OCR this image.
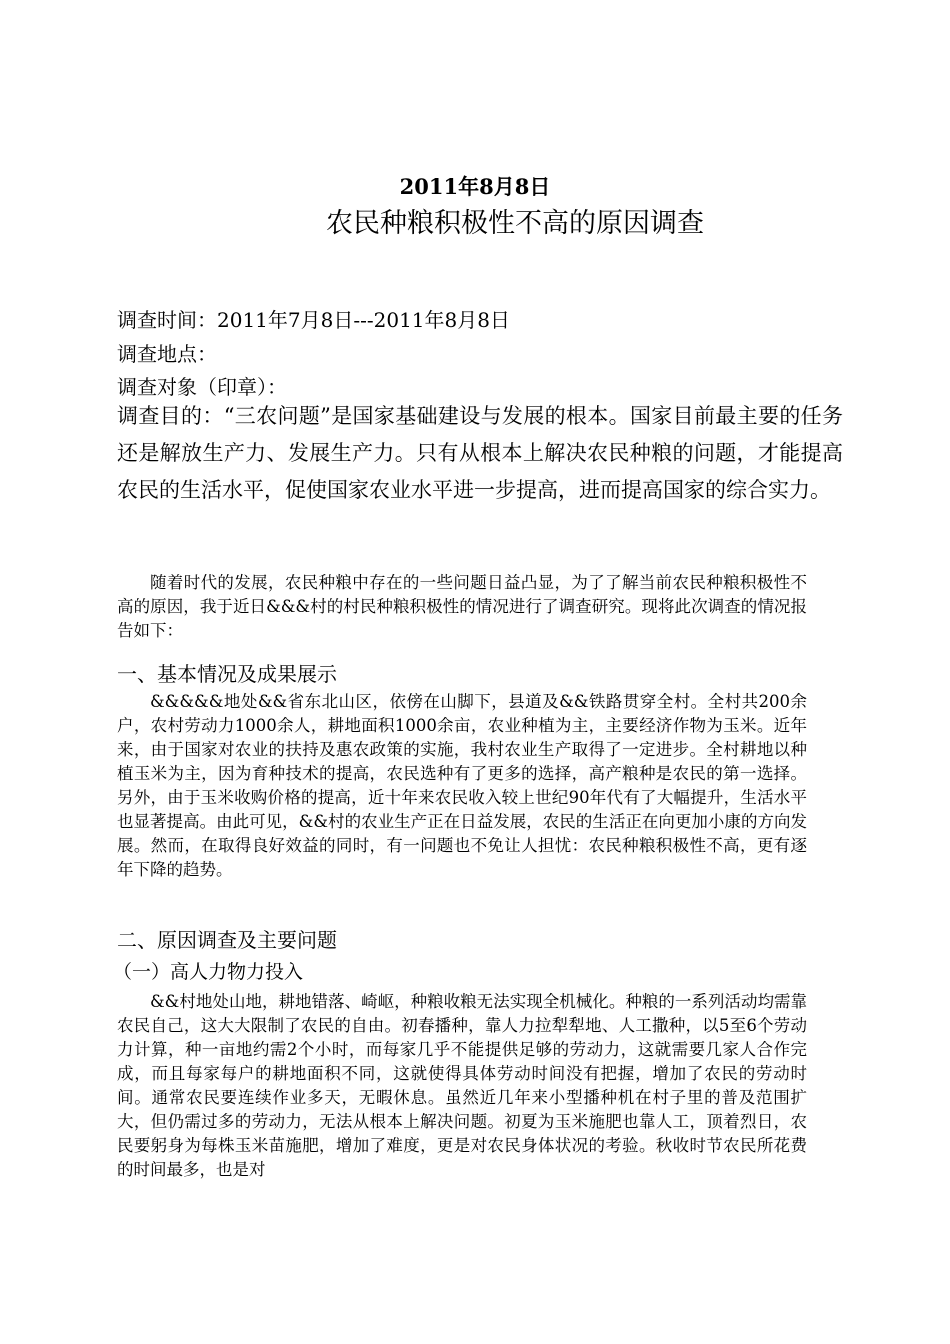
2011年8月8日
农民种粮积极性不高的原因调查

调查时间：2011年7月8日---2011年8月8日

调查地点：

调查对象（印章）：

调查目的：“三农问题”是国家基础建设与发展的根本。国家目前最主要的任务还是解放生产力、发展生产力。只有从根本上解决农民种粮的问题，才能提高农民的生活水平，促使国家农业水平进一步提高，进而提高国家的综合实力。

随着时代的发展，农民种粮中存在的一些问题日益凸显，为了了解当前农民种粮积极性不高的原因，我于近日&&&村的村民种粮积极性的情况进行了调查研究。现将此次调查的情况报告如下：

一、基本情况及成果展示

&&&&&地处&&省东北山区，依傍在山脚下，县道及&&铁路贯穿全村。全村共200余户，农村劳动力1000余人，耕地面积1000余亩，农业种植为主，主要经济作物为玉米。近年来，由于国家对农业的扶持及惠农政策的实施，我村农业生产取得了一定进步。全村耕地以种植玉米为主，因为育种技术的提高，农民选种有了更多的选择，高产粮种是农民的第一选择。另外，由于玉米收购价格的提高，近十年来农民收入较上世纪90年代有了大幅提升，生活水平也显著提高。由此可见，&&村的农业生产正在日益发展，农民的生活正在向更加小康的方向发展。然而，在取得良好效益的同时，有一问题也不免让人担忧：农民种粮积极性不高，更有逐年下降的趋势。

二、原因调查及主要问题

（一）高人力物力投入

&&村地处山地，耕地错落、崎岖，种粮收粮无法实现全机械化。种粮的一系列活动均需靠农民自己，这大大限制了农民的自由。初春播种，靠人力拉犁犁地、人工撒种，以5至6个劳动力计算，种一亩地约需2个小时，而每家几乎不能提供足够的劳动力，这就需要几家人合作完成，而且每家每户的耕地面积不同，这就使得具体劳动时间没有把握，增加了农民的劳动时间。通常农民要连续作业多天，无暇休息。虽然近几年来小型播种机在村子里的普及范围扩大，但仍需过多的劳动力，无法从根本上解决问题。初夏为玉米施肥也靠人工，顶着烈日，农民要躬身为每株玉米苗施肥，增加了难度，更是对农民身体状况的考验。秋收时节农民所花费的时间最多，也是对
